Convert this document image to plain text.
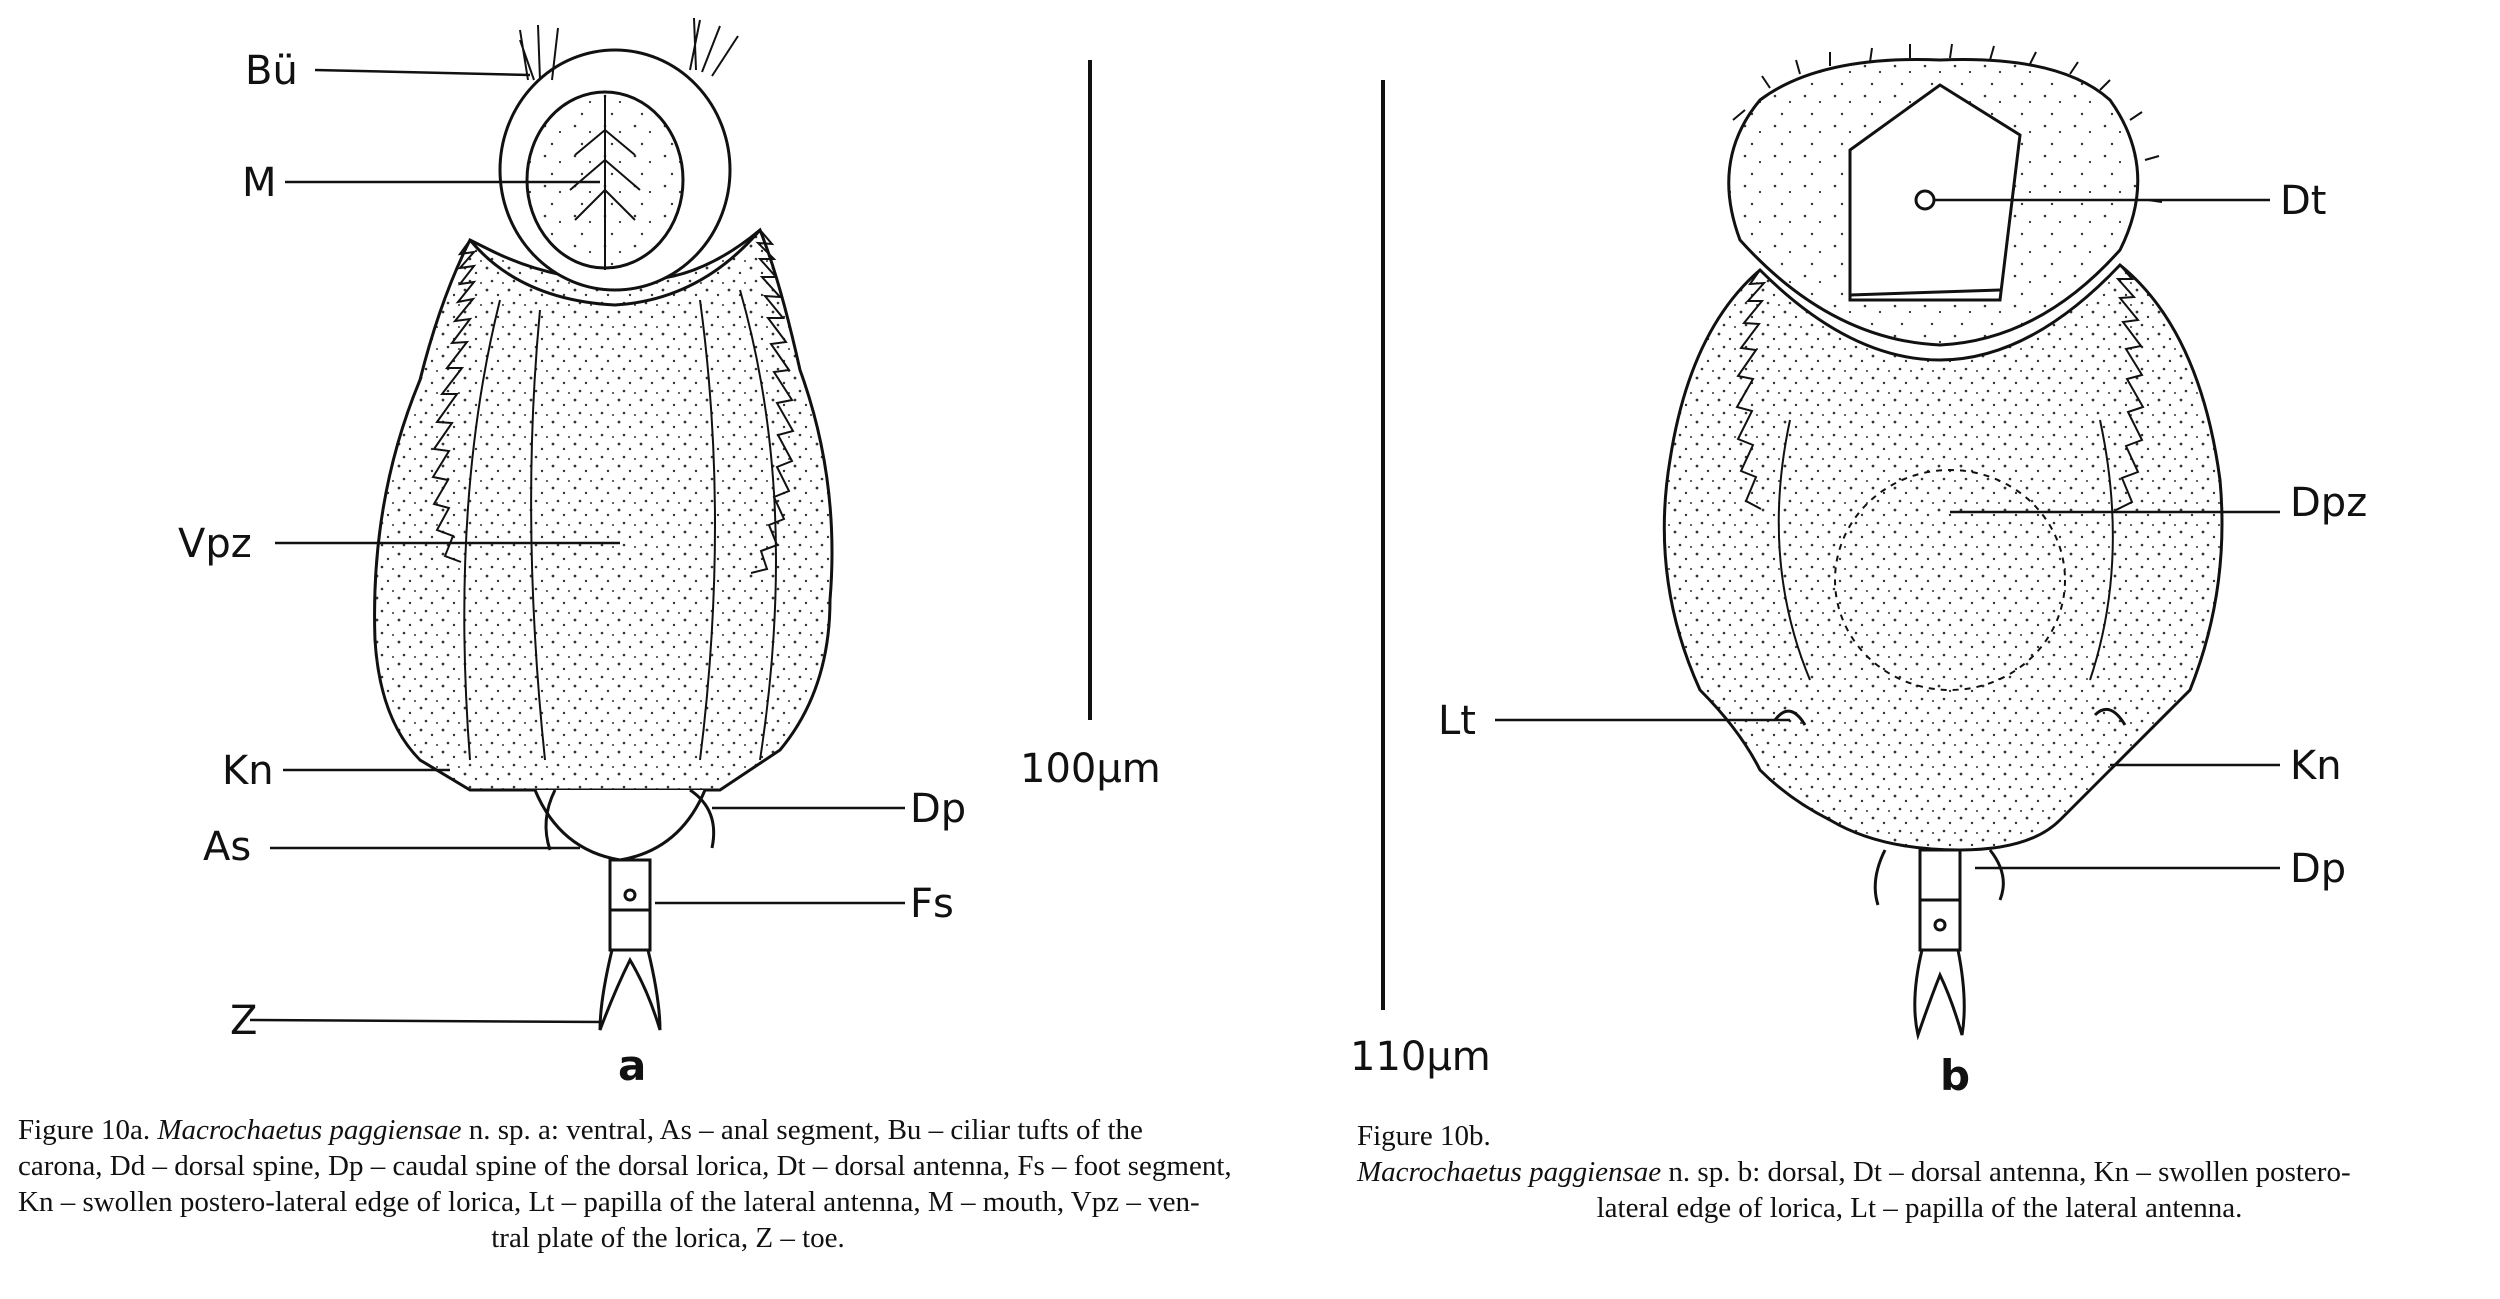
Bü
M
Vpz
Kn
As
Z
Dp
Fs
a
100μm
Dt
Dpz
Lt
Kn
Dp
b
110μm
Figure 10a. Macrochaetus paggiensae n. sp. a: ventral, As – anal segment, Bu – ciliar tufts of the
carona, Dd – dorsal spine, Dp – caudal spine of the dorsal lorica, Dt – dorsal antenna, Fs – foot segment,
Kn – swollen postero-lateral edge of lorica, Lt – papilla of the lateral antenna, M – mouth, Vpz – ven-

tral plate of the lorica, Z – toe.
Figure 10b.
Macrochaetus paggiensae n. sp. b: dorsal, Dt – dorsal antenna, Kn – swollen postero-

lateral edge of lorica, Lt – papilla of the lateral antenna.
